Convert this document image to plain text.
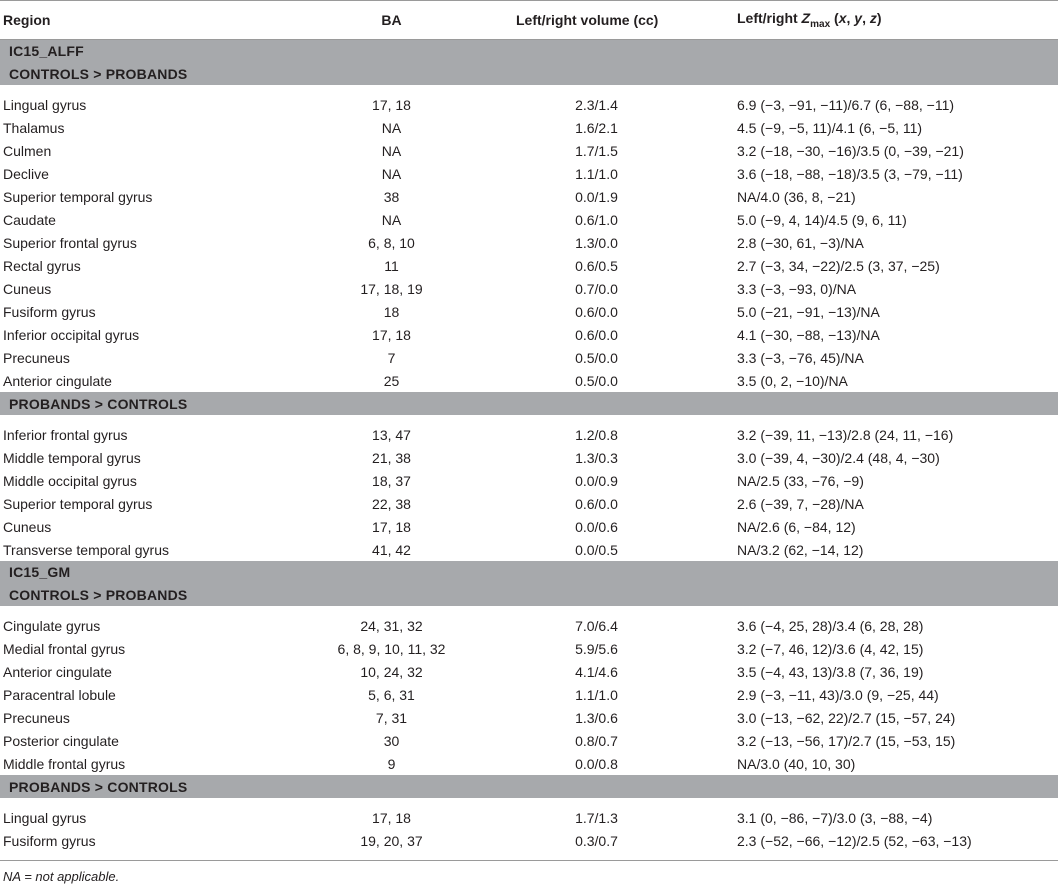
Region	BA	Left/right volume (cc)	Left/right $Z_{max}$ (x, y, z)
IC15_ALFF			
CONTROLS > PROBANDS			

Lingual gyrus	17, 18	2.3/1.4	6.9 (−3, −91, −11)/6.7 (6, −88, −11)
Thalamus	NA	1.6/2.1	4.5 (−9, −5, 11)/4.1 (6, −5, 11)
Culmen	NA	1.7/1.5	3.2 (−18, −30, −16)/3.5 (0, −39, −21)
Declive	NA	1.1/1.0	3.6 (−18, −88, −18)/3.5 (3, −79, −11)
Superior temporal gyrus	38	0.0/1.9	NA/4.0 (36, 8, −21)
Caudate	NA	0.6/1.0	5.0 (−9, 4, 14)/4.5 (9, 6, 11)
Superior frontal gyrus	6, 8, 10	1.3/0.0	2.8 (−30, 61, −3)/NA
Rectal gyrus	11	0.6/0.5	2.7 (−3, 34, −22)/2.5 (3, 37, −25)
Cuneus	17, 18, 19	0.7/0.0	3.3 (−3, −93, 0)/NA
Fusiform gyrus	18	0.6/0.0	5.0 (−21, −91, −13)/NA
Inferior occipital gyrus	17, 18	0.6/0.0	4.1 (−30, −88, −13)/NA
Precuneus	7	0.5/0.0	3.3 (−3, −76, 45)/NA
Anterior cingulate	25	0.5/0.0	3.5 (0, 2, −10)/NA
PROBANDS > CONTROLS			

Inferior frontal gyrus	13, 47	1.2/0.8	3.2 (−39, 11, −13)/2.8 (24, 11, −16)
Middle temporal gyrus	21, 38	1.3/0.3	3.0 (−39, 4, −30)/2.4 (48, 4, −30)
Middle occipital gyrus	18, 37	0.0/0.9	NA/2.5 (33, −76, −9)
Superior temporal gyrus	22, 38	0.6/0.0	2.6 (−39, 7, −28)/NA
Cuneus	17, 18	0.0/0.6	NA/2.6 (6, −84, 12)
Transverse temporal gyrus	41, 42	0.0/0.5	NA/3.2 (62, −14, 12)
IC15_GM			
CONTROLS > PROBANDS			

Cingulate gyrus	24, 31, 32	7.0/6.4	3.6 (−4, 25, 28)/3.4 (6, 28, 28)
Medial frontal gyrus	6, 8, 9, 10, 11, 32	5.9/5.6	3.2 (−7, 46, 12)/3.6 (4, 42, 15)
Anterior cingulate	10, 24, 32	4.1/4.6	3.5 (−4, 43, 13)/3.8 (7, 36, 19)
Paracentral lobule	5, 6, 31	1.1/1.0	2.9 (−3, −11, 43)/3.0 (9, −25, 44)
Precuneus	7, 31	1.3/0.6	3.0 (−13, −62, 22)/2.7 (15, −57, 24)
Posterior cingulate	30	0.8/0.7	3.2 (−13, −56, 17)/2.7 (15, −53, 15)
Middle frontal gyrus	9	0.0/0.8	NA/3.0 (40, 10, 30)
PROBANDS > CONTROLS			

Lingual gyrus	17, 18	1.7/1.3	3.1 (0, −86, −7)/3.0 (3, −88, −4)
Fusiform gyrus	19, 20, 37	0.3/0.7	2.3 (−52, −66, −12)/2.5 (52, −63, −13)

NA = not applicable.
